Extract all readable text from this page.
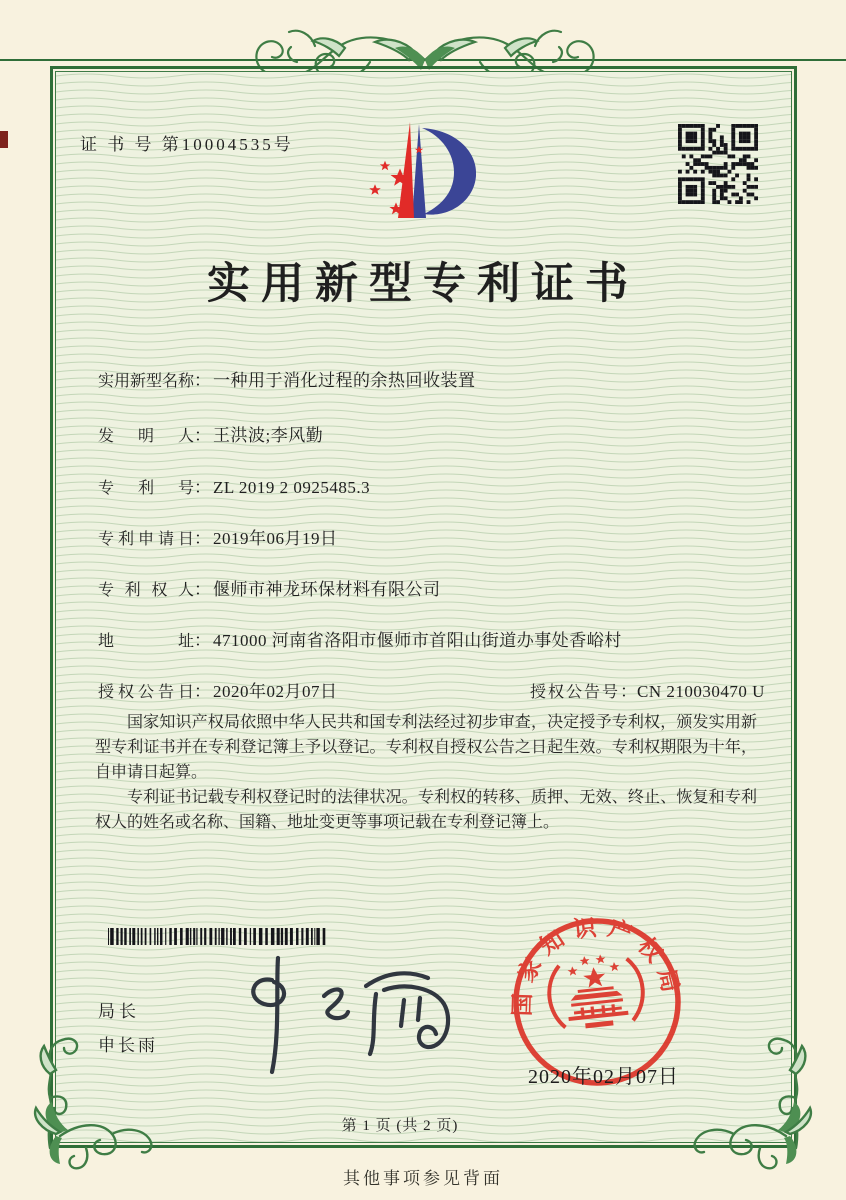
证 书 号 第10004535号
实用新型专利证书
实用新型名称： 一种用于消化过程的余热回收装置
发明人： 王洪波;李风勤
专利号： ZL 2019 2 0925485.3
专利申请日： 2019年06月19日
专利权人： 偃师市神龙环保材料有限公司
地址： 471000 河南省洛阳市偃师市首阳山街道办事处香峪村
授权公告日： 2020年02月07日	授权公告号：CN 210030470 U

国家知识产权局依照中华人民共和国专利法经过初步审查，决定授予专利权，颁发实用新型专利证书并在专利登记簿上予以登记。专利权自授权公告之日起生效。专利权期限为十年，自申请日起算。

专利证书记载专利权登记时的法律状况。专利权的转移、质押、无效、终止、恢复和专利权人的姓名或名称、国籍、地址变更等事项记载在专利登记簿上。

局长
申长雨
国家知识产权局
2020年02月07日
第 1 页 (共 2 页)
其他事项参见背面
